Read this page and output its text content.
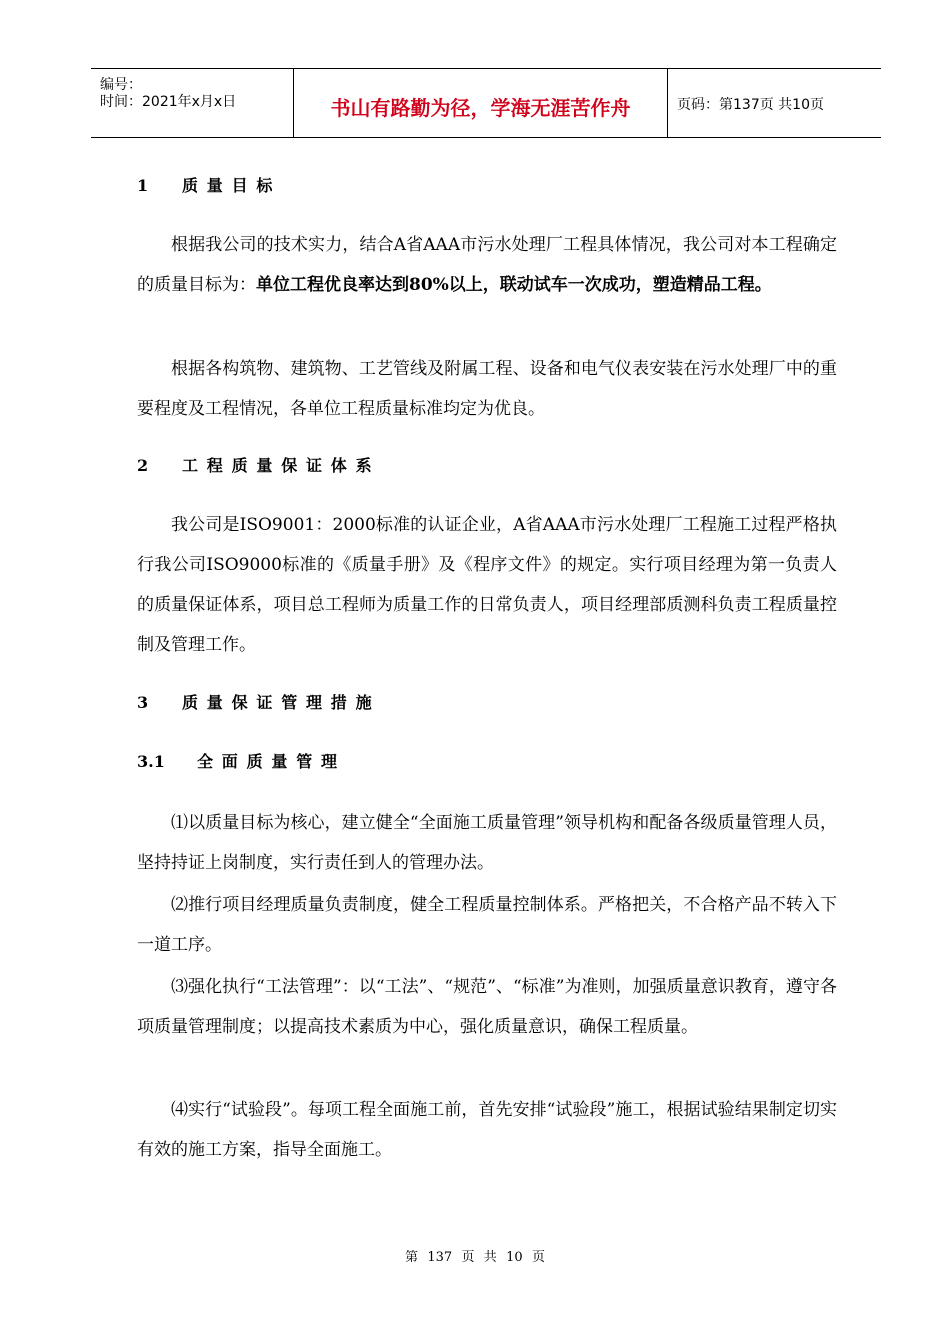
编号：
时间：2021年x月x日	书山有路勤为径，学海无涯苦作舟	页码：第137页 共10页
1 质量目标
根据我公司的技术实力，结合A省AAA市污水处理厂工程具体情况，我公司对本工程确定的质量目标为：单位工程优良率达到80%以上，联动试车一次成功，塑造精品工程。
根据各构筑物、建筑物、工艺管线及附属工程、设备和电气仪表安装在污水处理厂中的重要程度及工程情况，各单位工程质量标准均定为优良。
2 工程质量保证体系
我公司是ISO9001：2000标准的认证企业，A省AAA市污水处理厂工程施工过程严格执行我公司ISO9000标准的《质量手册》及《程序文件》的规定。实行项目经理为第一负责人的质量保证体系，项目总工程师为质量工作的日常负责人，项目经理部质测科负责工程质量控制及管理工作。
3 质量保证管理措施
3.1 全面质量管理
⑴以质量目标为核心，建立健全“全面施工质量管理”领导机构和配备各级质量管理人员，坚持持证上岗制度，实行责任到人的管理办法。
⑵推行项目经理质量负责制度，健全工程质量控制体系。严格把关，不合格产品不转入下一道工序。
⑶强化执行“工法管理”：以“工法”、“规范”、“标准”为准则，加强质量意识教育，遵守各项质量管理制度；以提高技术素质为中心，强化质量意识，确保工程质量。
⑷实行“试验段”。每项工程全面施工前，首先安排“试验段”施工，根据试验结果制定切实有效的施工方案，指导全面施工。
第 137 页 共 10 页
